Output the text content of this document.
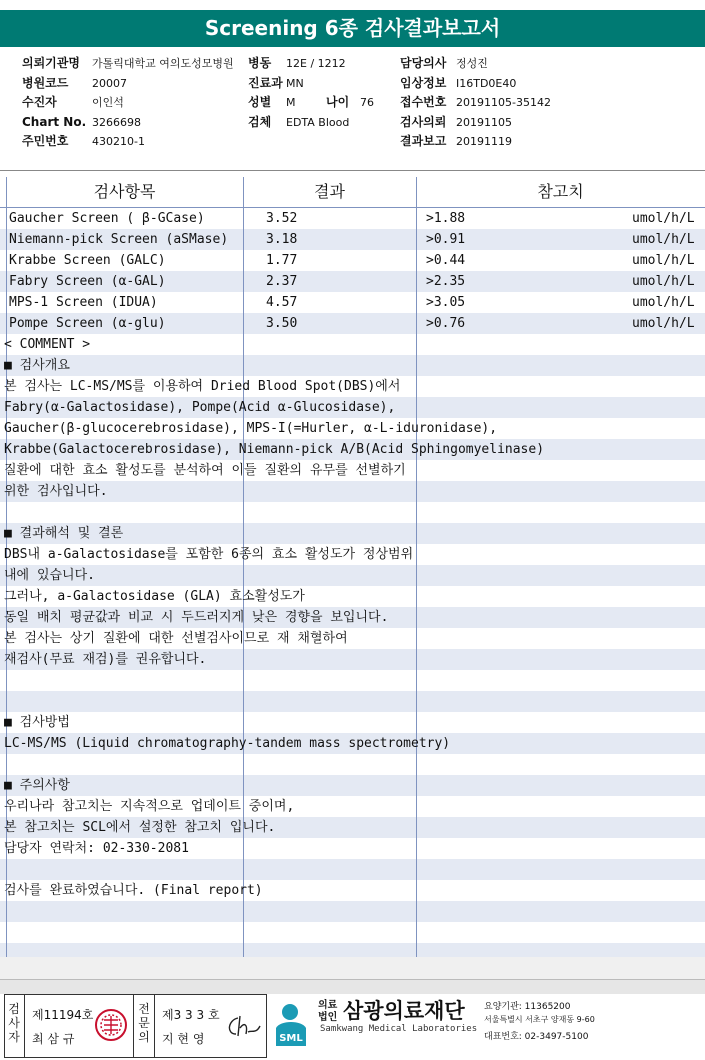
Screening 6종 검사결과보고서
의뢰기관명 가톨릭대학교 여의도성모병원
병원코드 20007
수진자	이인석
Chart No. 3266698
주민번호 430210-1
병동 12E / 1212
진료과 MN
성별 M	나이 76
검체 EDTA Blood
담당의사 정성진
임상정보 I16TD0E40
접수번호 20191105-35142
검사의뢰 20191105
결과보고 20191119
검사항목	결과	참고치
Gaucher Screen ( β-GCase)	3.52	>1.88	umol/h/L
Niemann-pick Screen (aSMase)	3.18	>0.91	umol/h/L
Krabbe Screen (GALC)	1.77	>0.44	umol/h/L
Fabry Screen (α-GAL)	2.37	>2.35	umol/h/L
MPS-1 Screen (IDUA)	4.57	>3.05	umol/h/L
Pompe Screen (α-glu)	3.50	>0.76	umol/h/L
< COMMENT >
■ 검사개요
본 검사는 LC-MS/MS를 이용하여 Dried Blood Spot(DBS)에서
Fabry(α-Galactosidase), Pompe(Acid α-Glucosidase),
Gaucher(β-glucocerebrosidase), MPS-I(=Hurler, α-L-iduronidase),
Krabbe(Galactocerebrosidase), Niemann-pick A/B(Acid Sphingomyelinase)
질환에 대한 효소 활성도를 분석하여 이들 질환의 유무를 선별하기
위한 검사입니다.
■ 결과해석 및 결론
DBS내 a-Galactosidase를 포함한 6종의 효소 활성도가 정상범위
내에 있습니다.
그러나, a-Galactosidase (GLA) 효소활성도가
동일 배치 평균값과 비교 시 두드러지게 낮은 경향을 보입니다.
본 검사는 상기 질환에 대한 선별검사이므로 재 채혈하여
재검사(무료 재검)를 권유합니다.
■ 검사방법
LC-MS/MS (Liquid chromatography-tandem mass spectrometry)
■ 주의사항
우리나라 참고치는 지속적으로 업데이트 중이며,
본 참고치는 SCL에서 설정한 참고치 입니다.
담당자 연락처: 02-330-2081
검사를 완료하였습니다. (Final report)
검사자
제11194호
최 삼 규
전문의
제3 3 3 호
지 현 영	SML
의료법인 삼광의료재단
Samkwang Medical Laboratories
요양기관: 11365200
서울특별시 서초구 양재동 9-60
대표번호: 02-3497-5100
